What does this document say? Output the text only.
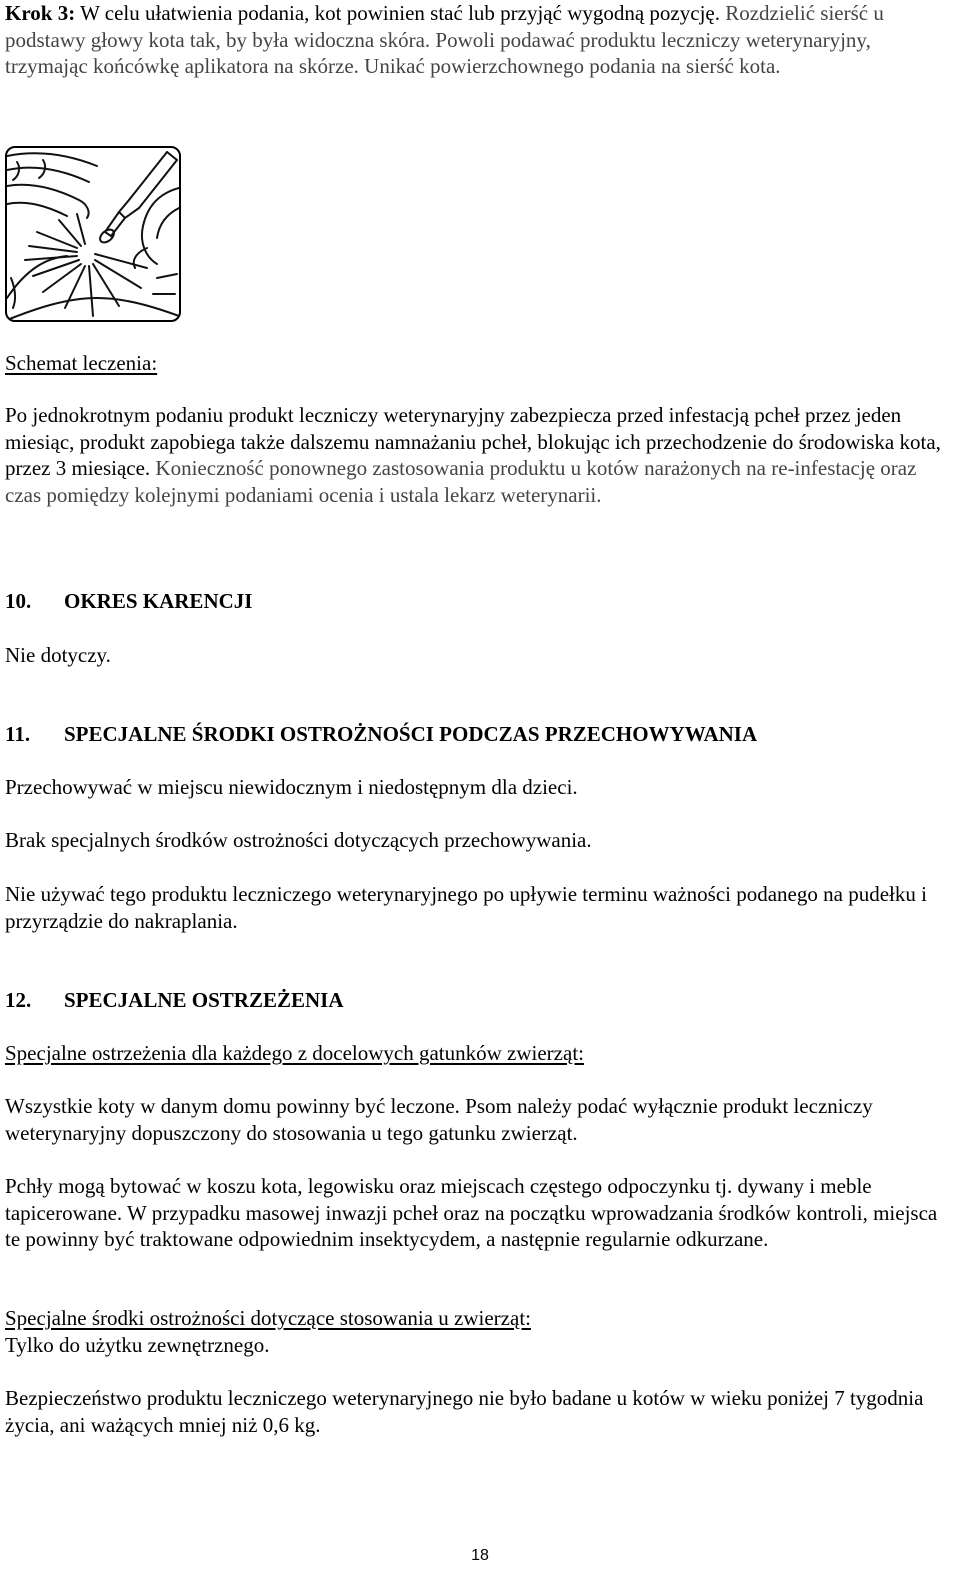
Krok 3: W celu ułatwienia podania, kot powinien stać lub przyjąć wygodną pozycję. Rozdzielić sierść u podstawy głowy kota tak, by była widoczna skóra. Powoli podawać produktu leczniczy weterynaryjny, trzymając końcówkę aplikatora na skórze. Unikać powierzchownego podania na sierść kota.

Schemat leczenia:

Po jednokrotnym podaniu produkt leczniczy weterynaryjny zabezpiecza przed infestacją pcheł przez jeden miesiąc, produkt zapobiega także dalszemu namnażaniu pcheł, blokując ich przechodzenie do środowiska kota, przez 3 miesiące. Konieczność ponownego zastosowania produktu u kotów narażonych na re-infestację oraz czas pomiędzy kolejnymi podaniami ocenia i ustala lekarz weterynarii.

10. OKRES KARENCJI

Nie dotyczy.

11. SPECJALNE ŚRODKI OSTROŻNOŚCI PODCZAS PRZECHOWYWANIA

Przechowywać w miejscu niewidocznym i niedostępnym dla dzieci.

Brak specjalnych środków ostrożności dotyczących przechowywania.

Nie używać tego produktu leczniczego weterynaryjnego po upływie terminu ważności podanego na pudełku i przyrządzie do nakraplania.

12. SPECJALNE OSTRZEŻENIA

Specjalne ostrzeżenia dla każdego z docelowych gatunków zwierząt:

Wszystkie koty w danym domu powinny być leczone. Psom należy podać wyłącznie produkt leczniczy weterynaryjny dopuszczony do stosowania u tego gatunku zwierząt.

Pchły mogą bytować w koszu kota, legowisku oraz miejscach częstego odpoczynku tj. dywany i meble tapicerowane. W przypadku masowej inwazji pcheł oraz na początku wprowadzania środków kontroli, miejsca te powinny być traktowane odpowiednim insektycydem, a następnie regularnie odkurzane.

Specjalne środki ostrożności dotyczące stosowania u zwierząt:

Tylko do użytku zewnętrznego.

Bezpieczeństwo produktu leczniczego weterynaryjnego nie było badane u kotów w wieku poniżej 7 tygodnia życia, ani ważących mniej niż 0,6 kg.

18
